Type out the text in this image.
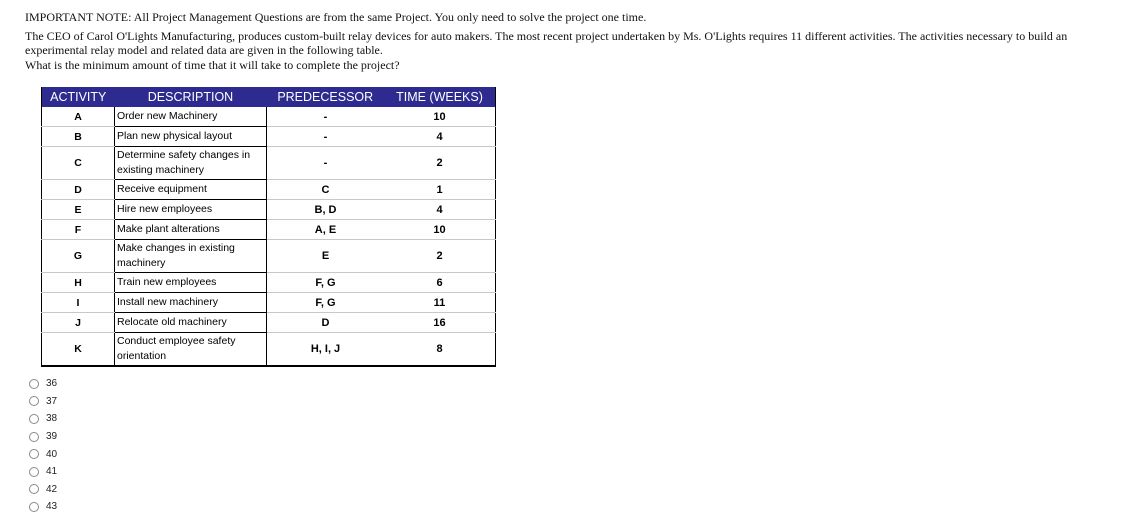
IMPORTANT NOTE: All Project Management Questions are from the same Project. You only need to solve the project one time.

The CEO of Carol O'Lights Manufacturing, produces custom-built relay devices for auto makers. The most recent project undertaken by Ms. O'Lights requires 11 different activities. The activities necessary to build an experimental relay model and related data are given in the following table.

What is the minimum amount of time that it will take to complete the project?

ACTIVITY	DESCRIPTION	PREDECESSOR	TIME (WEEKS)
A	Order new Machinery	-	10
B	Plan new physical layout	-	4
C	Determine safety changes in existing machinery	-	2
D	Receive equipment	C	1
E	Hire new employees	B, D	4
F	Make plant alterations	A, E	10
G	Make changes in existing machinery	E	2
H	Train new employees	F, G	6
I	Install new machinery	F, G	11
J	Relocate old machinery	D	16
K	Conduct employee safety orientation	H, I, J	8
36
37
38
39
40
41
42
43
